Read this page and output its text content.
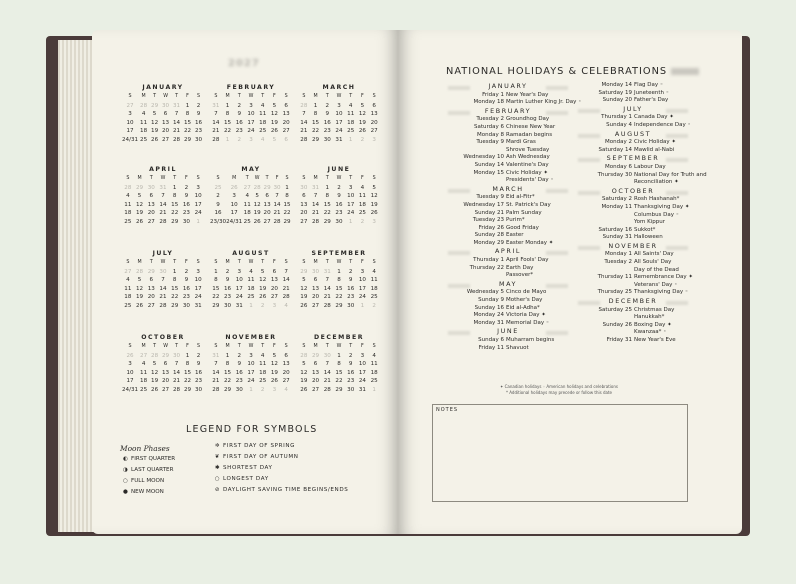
2027
JANUARY
S	M	T	W	T	F	S
27	28 29 30 31	1	2
3	4	5	6	7	8	9
10	11 12 13 14 15 16
17	18 19 20 21 22 23
24/31 25 26 27 28 29 30
FEBRUARY
S	M	T	W	T	F	S
31	1	2	3	4	5	6
7	8	9	10 11 12 13
14 15 16 17 18 19 20
21 22 23 24 25 26 27
28	1	2	3	4	5	6
MARCH
S	M	T	W	T	F	S
28	1	2	3	4	5	6
7	8	9	10 11 12 13
14 15 16 17 18 19 20
21 22 23 24 25 26 27
28 29 30 31	1	2	3
APRIL
S	M	T	W	T	F	S
28 29 30 31	1	2	3
4	5	6	7	8	9	10
11 12 13 14 15 16 17
18 19 20 21 22 23 24
25 26 27 28 29 30	1
MAY
S	M	T	W	T	F	S
25	26	27 28 29 30 1
2	3	4	5	6	7	8
9	10	11 12 13 14 15
16	17	18 19 20 21 22
23/30 24/31 25 26 27 28 29
JUNE
S	M	T	W	T	F	S
30 31	1	2	3	4	5
6	7	8	9	10 11 12
13 14 15 16 17 18 19
20 21 22 23 24 25 26
27 28 29 30	1	2	3
JULY
S	M	T	W	T	F	S
27 28 29 30	1	2	3
4	5	6	7	8	9	10
11 12 13 14 15 16 17
18 19 20 21 22 23 24
25 26 27 28 29 30 31
AUGUST
S	M	T	W	T	F	S
1	2	3	4	5	6	7
8	9	10 11 12 13 14
15 16 17 18 19 20 21
22 23 24 25 26 27 28
29 30 31	1	2	3	4
SEPTEMBER
S	M	T	W	T	F	S
29 30 31	1	2	3	4
5	6	7	8	9	10 11
12 13 14 15 16 17 18
19 20 21 22 23 24 25
26 27 28 29 30	1	2
OCTOBER
S	M	T	W	T	F	S
26	27 28 29 30	1	2
3	4	5	6	7	8	9
10	11 12 13 14 15 16
17	18 19 20 21 22 23
24/31 25 26 27 28 29 30
NOVEMBER
S	M	T	W	T	F	S
31	1	2	3	4	5	6
7	8	9	10 11 12 13
14 15 16 17 18 19 20
21 22 23 24 25 26 27
28 29 30	1	2	3	4
DECEMBER
S	M	T	W	T	F	S
28 29 30	1	2	3	4
5	6	7	8	9	10 11
12 13 14 15 16 17 18
19 20 21 22 23 24 25
26 27 28 29 30 31	1
LEGEND FOR SYMBOLS
Moon Phases
◐ FIRST QUARTER
◑ LAST QUARTER
○ FULL MOON
● NEW MOON
✲ FIRST DAY OF SPRING
❦ FIRST DAY OF AUTUMN
✱ SHORTEST DAY
○ LONGEST DAY
⊘ DAYLIGHT SAVING TIME BEGINS/ENDS
NATIONAL HOLIDAYS & CELEBRATIONS
JANUARY
Friday 1 New Year's Day
Monday 18 Martin Luther King Jr. Day ◦
FEBRUARY
Tuesday 2 Groundhog Day
Saturday 6 Chinese New Year
Monday 8 Ramadan begins
Tuesday 9 Mardi Gras
Shrove Tuesday
Wednesday 10 Ash Wednesday
Sunday 14 Valentine's Day
Monday 15 Civic Holiday ✦
Presidents' Day ◦
MARCH
Tuesday 9 Eid al-Fitr*
Wednesday 17 St. Patrick's Day
Sunday 21 Palm Sunday
Tuesday 23 Purim*
Friday 26 Good Friday
Sunday 28 Easter
Monday 29 Easter Monday ✦
APRIL
Thursday 1 April Fools' Day
Thursday 22 Earth Day
Passover*
MAY
Wednesday 5 Cinco de Mayo
Sunday 9 Mother's Day
Sunday 16 Eid al-Adha*
Monday 24 Victoria Day ✦
Monday 31 Memorial Day ◦
JUNE
Sunday 6 Muharram begins
Friday 11 Shavuot
Monday 14 Flag Day ◦
Saturday 19 Juneteenth ◦
Sunday 20 Father's Day
JULY
Thursday 1 Canada Day ✦
Sunday 4 Independence Day ◦
AUGUST
Monday 2 Civic Holiday ✦
Saturday 14 Mawlid al-Nabi
SEPTEMBER
Monday 6 Labour Day
Thursday 30 National Day for Truth and
Reconciliation ✦
OCTOBER
Saturday 2 Rosh Hashanah*
Monday 11 Thanksgiving Day ✦
Columbus Day ◦
Yom Kippur
Saturday 16 Sukkot*
Sunday 31 Halloween
NOVEMBER
Monday 1 All Saints' Day
Tuesday 2 All Souls' Day
Day of the Dead
Thursday 11 Remembrance Day ✦
Veterans' Day ◦
Thursday 25 Thanksgiving Day ◦
DECEMBER
Saturday 25 Christmas Day
Hanukkah*
Sunday 26 Boxing Day ✦
Kwanzaa* ◦
Friday 31 New Year's Eve
✦ Canadian holidays ◦ American holidays and celebrations
* Additional holidays may precede or follow this date
NOTES
